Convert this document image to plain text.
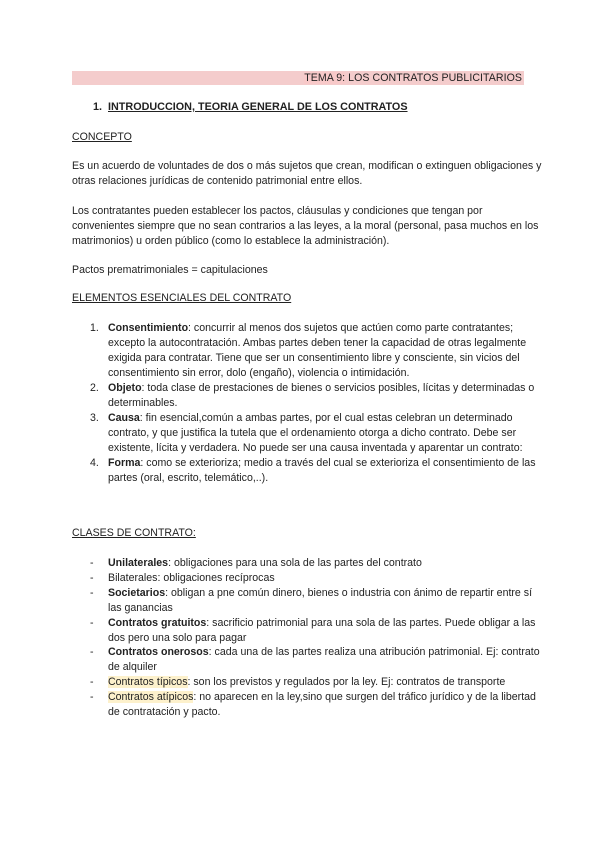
TEMA 9: LOS CONTRATOS PUBLICITARIOS
1. INTRODUCCION, TEORIA GENERAL DE LOS CONTRATOS
CONCEPTO
Es un acuerdo de voluntades de dos o más sujetos que crean, modifican o extinguen obligaciones y otras relaciones jurídicas de contenido patrimonial entre ellos.
Los contratantes pueden establecer los pactos, cláusulas y condiciones que tengan por convenientes siempre que no sean contrarios a las leyes, a la moral (personal, pasa muchos en los matrimonios) u orden público (como lo establece la administración).
Pactos prematrimoniales = capitulaciones
ELEMENTOS ESENCIALES DEL CONTRATO
1. Consentimiento: concurrir al menos dos sujetos que actúen como parte contratantes; excepto la autocontratación. Ambas partes deben tener la capacidad de otras legalmente exigida para contratar. Tiene que ser un consentimiento libre y consciente, sin vicios del consentimiento sin error, dolo (engaño), violencia o intimidación.
2. Objeto: toda clase de prestaciones de bienes o servicios posibles, lícitas y determinadas o determinables.
3. Causa: fin esencial,común a ambas partes, por el cual estas celebran un determinado contrato, y que justifica la tutela que el ordenamiento otorga a dicho contrato. Debe ser existente, lícita y verdadera. No puede ser una causa inventada y aparentar un contrato:
4. Forma: como se exterioriza; medio a través del cual se exterioriza el consentimiento de las partes (oral, escrito, telemático,..).
CLASES DE CONTRATO:
- Unilaterales: obligaciones para una sola de las partes del contrato
- Bilaterales: obligaciones recíprocas
- Societarios: obligan a pne común dinero, bienes o industria con ánimo de repartir entre sí las ganancias
- Contratos gratuitos: sacrificio patrimonial para una sola de las partes. Puede obligar a las dos pero una solo para pagar
- Contratos onerosos: cada una de las partes realiza una atribución patrimonial. Ej: contrato de alquiler
- Contratos típicos: son los previstos y regulados por la ley. Ej: contratos de transporte
- Contratos atípicos: no aparecen en la ley,sino que surgen del tráfico jurídico y de la libertad de contratación y pacto.
